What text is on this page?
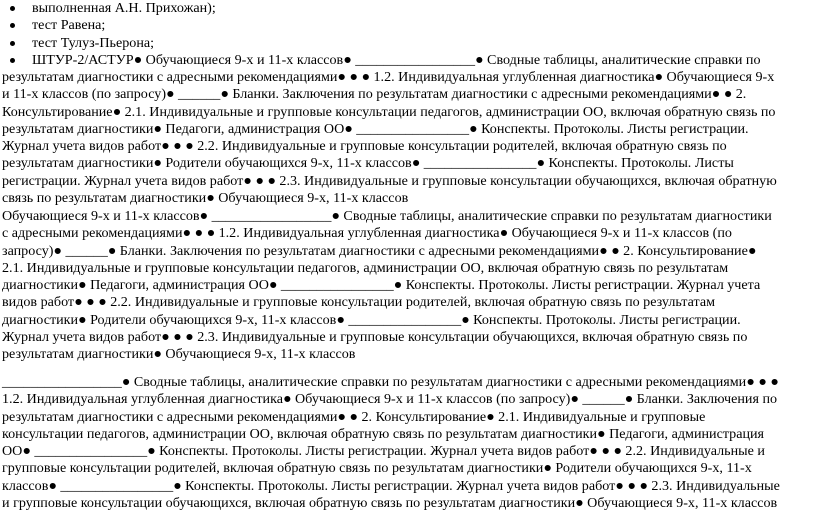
выполненная А.Н. Прихожан);
тест Равена;
тест Тулуз-Пьерона;
ШТУР-2/АСТУР● Обучающиеся 9-х и 11-х классов● _________________● Сводные таблицы, аналитические справки по

результатам диагностики с адресными рекомендациями● ● ● 1.2. Индивидуальная углубленная диагностика● Обучающиеся 9-х и 11-х классов (по запросу)● ______● Бланки. Заключения по результатам диагностики с адресными рекомендациями● ● 2. Консультирование● 2.1. Индивидуальные и групповые консультации педагогов, администрации ОО, включая обратную связь по результатам диагностики● Педагоги, администрация ОО● ________________● Конспекты. Протоколы. Листы регистрации. Журнал учета видов работ● ● ● 2.2. Индивидуальные и групповые консультации родителей, включая обратную связь по результатам диагностики● Родители обучающихся 9-х, 11-х классов● ________________● Конспекты. Протоколы. Листы регистрации. Журнал учета видов работ● ● ● 2.3. Индивидуальные и групповые консультации обучающихся, включая обратную связь по результатам диагностики● Обучающиеся 9-х, 11-х классов

Обучающиеся 9-х и 11-х классов● _________________● Сводные таблицы, аналитические справки по результатам диагностики с адресными рекомендациями● ● ● 1.2. Индивидуальная углубленная диагностика● Обучающиеся 9-х и 11-х классов (по запросу)● ______● Бланки. Заключения по результатам диагностики с адресными рекомендациями● ● 2. Консультирование● 2.1. Индивидуальные и групповые консультации педагогов, администрации ОО, включая обратную связь по результатам диагностики● Педагоги, администрация ОО● ________________● Конспекты. Протоколы. Листы регистрации. Журнал учета видов работ● ● ● 2.2. Индивидуальные и групповые консультации родителей, включая обратную связь по результатам диагностики● Родители обучающихся 9-х, 11-х классов● ________________● Конспекты. Протоколы. Листы регистрации. Журнал учета видов работ● ● ● 2.3. Индивидуальные и групповые консультации обучающихся, включая обратную связь по результатам диагностики● Обучающиеся 9-х, 11-х классов

_________________● Сводные таблицы, аналитические справки по результатам диагностики с адресными рекомендациями● ● ● 1.2. Индивидуальная углубленная диагностика● Обучающиеся 9-х и 11-х классов (по запросу)● ______● Бланки. Заключения по результатам диагностики с адресными рекомендациями● ● 2. Консультирование● 2.1. Индивидуальные и групповые консультации педагогов, администрации ОО, включая обратную связь по результатам диагностики● Педагоги, администрация ОО● ________________● Конспекты. Протоколы. Листы регистрации. Журнал учета видов работ● ● ● 2.2. Индивидуальные и групповые консультации родителей, включая обратную связь по результатам диагностики● Родители обучающихся 9-х, 11-х классов● ________________● Конспекты. Протоколы. Листы регистрации. Журнал учета видов работ● ● ● 2.3. Индивидуальные и групповые консультации обучающихся, включая обратную связь по результатам диагностики● Обучающиеся 9-х, 11-х классов
